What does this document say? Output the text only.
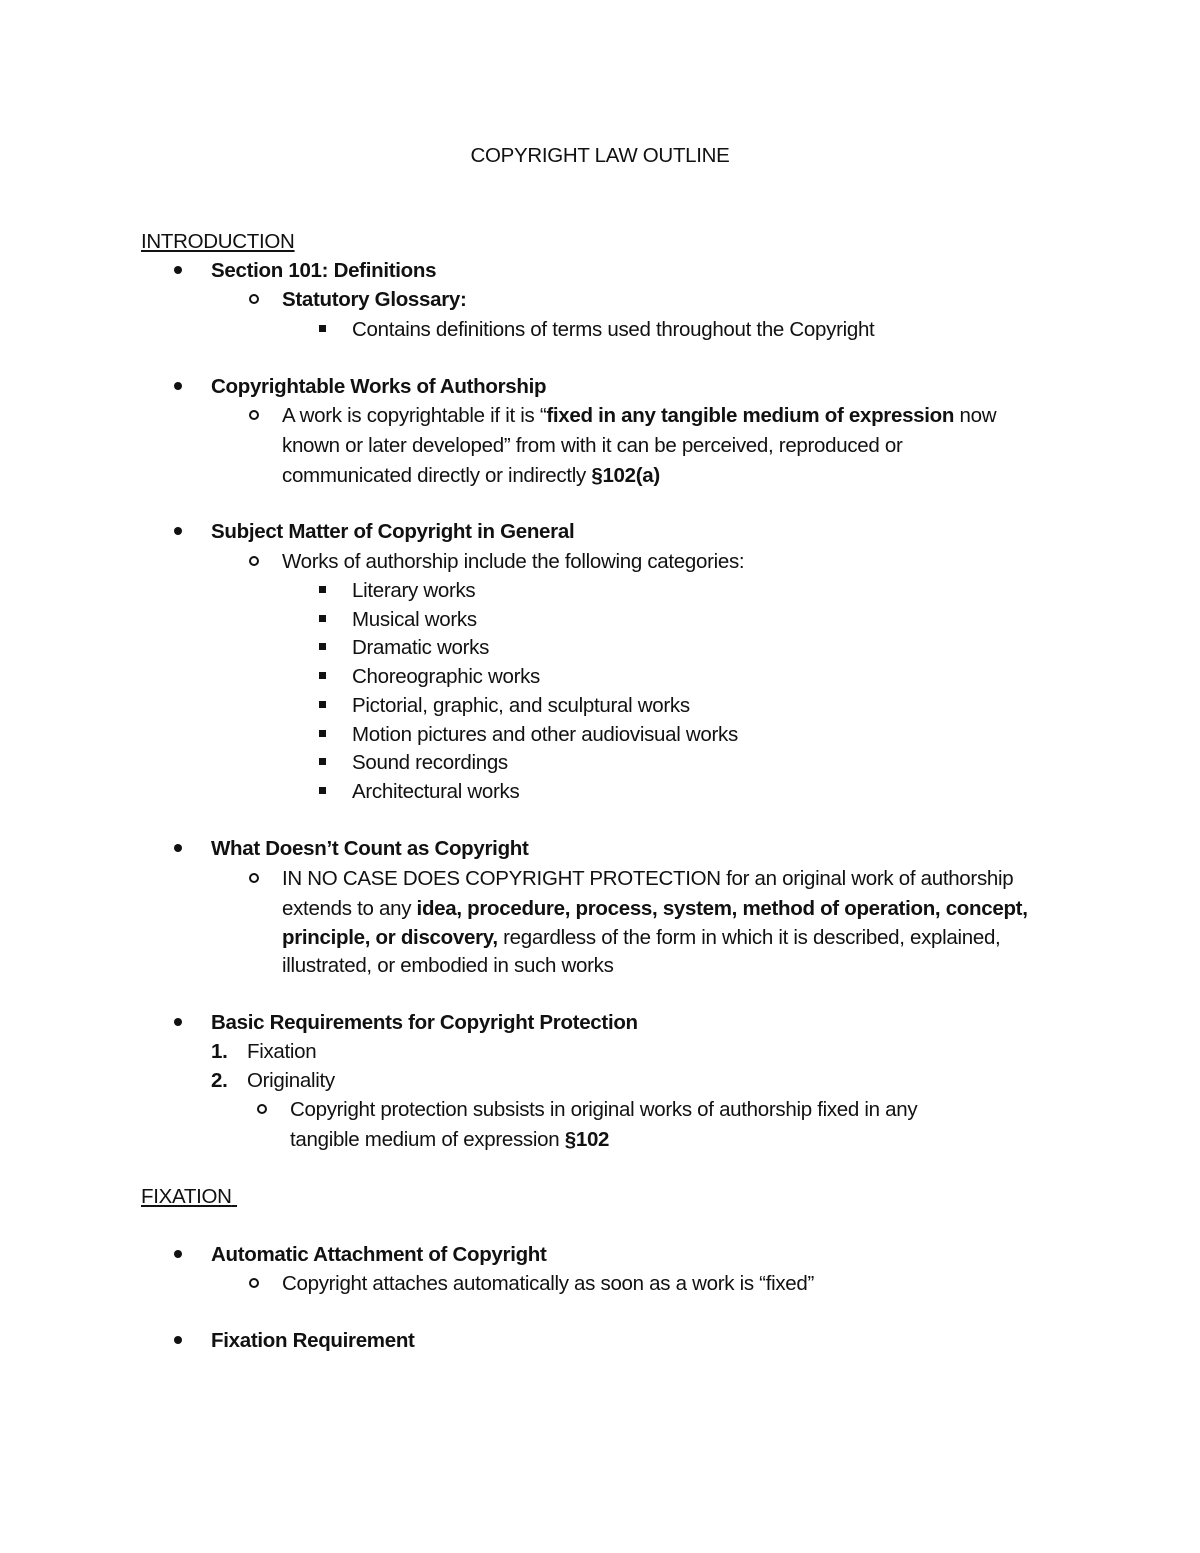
COPYRIGHT LAW OUTLINE
INTRODUCTION
Section 101: Definitions
Statutory Glossary:
Contains definitions of terms used throughout the Copyright
Copyrightable Works of Authorship
A work is copyrightable if it is “fixed in any tangible medium of expression now
known or later developed” from with it can be perceived, reproduced or
communicated directly or indirectly §102(a)
Subject Matter of Copyright in General
Works of authorship include the following categories:
Literary works
Musical works
Dramatic works
Choreographic works
Pictorial, graphic, and sculptural works
Motion pictures and other audiovisual works
Sound recordings
Architectural works
What Doesn’t Count as Copyright
IN NO CASE DOES COPYRIGHT PROTECTION for an original work of authorship
extends to any idea, procedure, process, system, method of operation, concept,
principle, or discovery, regardless of the form in which it is described, explained,
illustrated, or embodied in such works
Basic Requirements for Copyright Protection
1. Fixation
2. Originality
Copyright protection subsists in original works of authorship fixed in any
tangible medium of expression §102
FIXATION
Automatic Attachment of Copyright
Copyright attaches automatically as soon as a work is “fixed”
Fixation Requirement
